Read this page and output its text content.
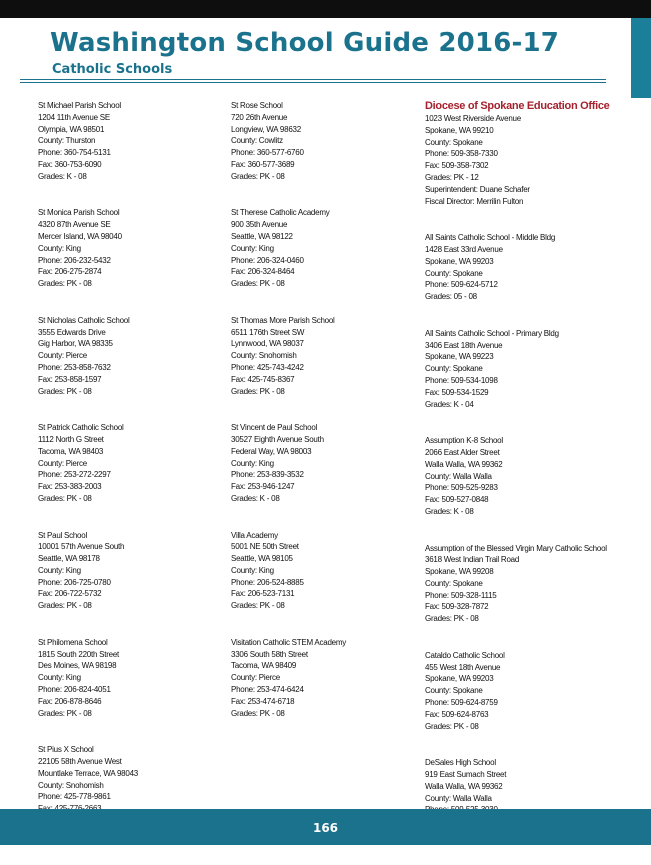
Washington School Guide 2016-17
Catholic Schools
St Michael Parish School
1204 11th Avenue SE
Olympia, WA 98501
County: Thurston
Phone: 360-754-5131
Fax: 360-753-6090
Grades: K - 08
St Monica Parish School
4320 87th Avenue SE
Mercer Island, WA 98040
County: King
Phone: 206-232-5432
Fax: 206-275-2874
Grades: PK - 08
St Nicholas Catholic School
3555 Edwards Drive
Gig Harbor, WA 98335
County: Pierce
Phone: 253-858-7632
Fax: 253-858-1597
Grades: PK - 08
St Patrick Catholic School
1112 North G Street
Tacoma, WA 98403
County: Pierce
Phone: 253-272-2297
Fax: 253-383-2003
Grades: PK - 08
St Paul School
10001 57th Avenue South
Seattle, WA 98178
County: King
Phone: 206-725-0780
Fax: 206-722-5732
Grades: PK - 08
St Philomena School
1815 South 220th Street
Des Moines, WA 98198
County: King
Phone: 206-824-4051
Fax: 206-878-8646
Grades: PK - 08
St Pius X School
22105 58th Avenue West
Mountlake Terrace, WA 98043
County: Snohomish
Phone: 425-778-9861
St Rose School
720 26th Avenue
Longview, WA 98632
County: Cowlitz
Phone: 360-577-6760
Fax: 360-577-3689
Grades: PK - 08
St Therese Catholic Academy
900 35th Avenue
Seattle, WA 98122
County: King
Phone: 206-324-0460
Fax: 206-324-8464
Grades: PK - 08
St Thomas More Parish School
6511 176th Street SW
Lynnwood, WA 98037
County: Snohomish
Phone: 425-743-4242
Fax: 425-745-8367
Grades: PK - 08
St Vincent de Paul School
30527 Eighth Avenue South
Federal Way, WA 98003
County: King
Phone: 253-839-3532
Fax: 253-946-1247
Grades: K - 08
Villa Academy
5001 NE 50th Street
Seattle, WA 98105
County: King
Phone: 206-524-8885
Fax: 206-523-7131
Grades: PK - 08
Visitation Catholic STEM Academy
3306 South 58th Street
Tacoma, WA 98409
County: Pierce
Phone: 253-474-6424
Fax: 253-474-6718
Grades: PK - 08
Diocese of Spokane Education Office
1023 West Riverside Avenue
Spokane, WA 99210
County: Spokane
Phone: 509-358-7330
Fax: 509-358-7302
Grades: PK - 12
Superintendent: Duane Schafer
Fiscal Director: Merrilin Fulton
All Saints Catholic School - Middle Bldg
1428 East 33rd Avenue
Spokane, WA 99203
County: Spokane
Phone: 509-624-5712
Grades: 05 - 08
All Saints Catholic School - Primary Bldg
3406 East 18th Avenue
Spokane, WA 99223
County: Spokane
Phone: 509-534-1098
Fax: 509-534-1529
Grades: K - 04
Assumption K-8 School
2066 East Alder Street
Walla Walla, WA 99362
County: Walla Walla
Phone: 509-525-9283
Fax: 509-527-0848
Grades: K - 08
Assumption of the Blessed Virgin Mary Catholic School
3618 West Indian Trail Road
Spokane, WA 99208
County: Spokane
Phone: 509-328-1115
Fax: 509-328-7872
Grades: PK - 08
Cataldo Catholic School
455 West 18th Avenue
Spokane, WA 99203
County: Spokane
Phone: 509-624-8759
Fax: 509-624-8763
Grades: PK - 08
DeSales High School
919 East Sumach Street
Walla Walla, WA 99362
County: Walla Walla
166
